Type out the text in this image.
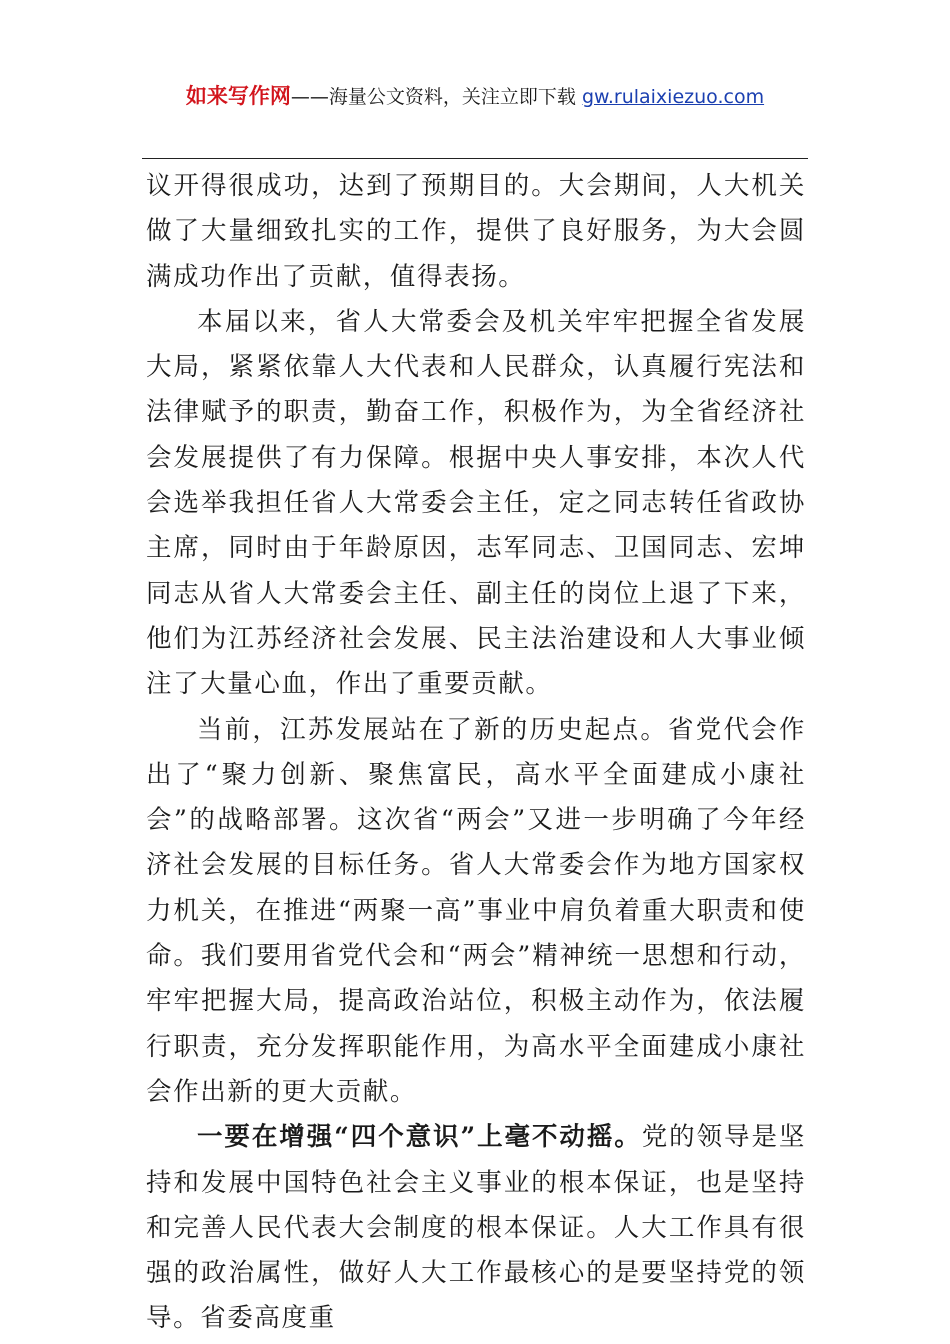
如来写作网——海量公文资料，关注立即下载 gw.rulaixiezuo.com

议开得很成功，达到了预期目的。大会期间，人大机关做了大量细致扎实的工作，提供了良好服务，为大会圆满成功作出了贡献，值得表扬。

本届以来，省人大常委会及机关牢牢把握全省发展大局，紧紧依靠人大代表和人民群众，认真履行宪法和法律赋予的职责，勤奋工作，积极作为，为全省经济社会发展提供了有力保障。根据中央人事安排，本次人代会选举我担任省人大常委会主任，定之同志转任省政协主席，同时由于年龄原因，志军同志、卫国同志、宏坤同志从省人大常委会主任、副主任的岗位上退了下来，他们为江苏经济社会发展、民主法治建设和人大事业倾注了大量心血，作出了重要贡献。

当前，江苏发展站在了新的历史起点。省党代会作出了“聚力创新、聚焦富民，高水平全面建成小康社会”的战略部署。这次省“两会”又进一步明确了今年经济社会发展的目标任务。省人大常委会作为地方国家权力机关，在推进“两聚一高”事业中肩负着重大职责和使命。我们要用省党代会和“两会”精神统一思想和行动，牢牢把握大局，提高政治站位，积极主动作为，依法履行职责，充分发挥职能作用，为高水平全面建成小康社会作出新的更大贡献。

一要在增强“四个意识”上毫不动摇。党的领导是坚持和发展中国特色社会主义事业的根本保证，也是坚持和完善人民代表大会制度的根本保证。人大工作具有很强的政治属性，做好人大工作最核心的是要坚持党的领导。省委高度重
